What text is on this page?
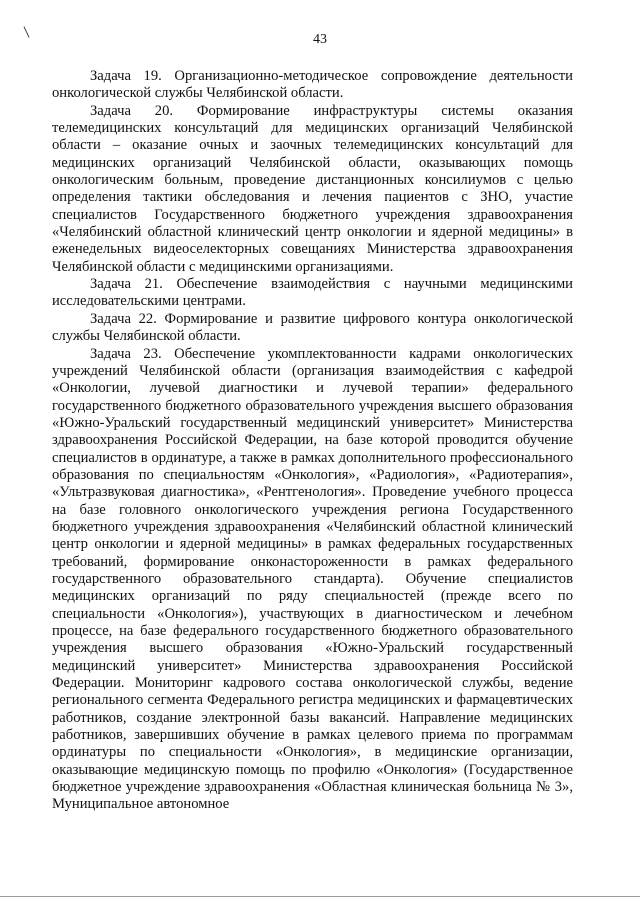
43

Задача 19. Организационно-методическое сопровождение деятельности онкологической службы Челябинской области.

Задача 20. Формирование инфраструктуры системы оказания телемедицинских консультаций для медицинских организаций Челябинской области – оказание очных и заочных телемедицинских консультаций для медицинских организаций Челябинской области, оказывающих помощь онкологическим больным, проведение дистанционных консилиумов с целью определения тактики обследования и лечения пациентов с ЗНО, участие специалистов Государственного бюджетного учреждения здравоохранения «Челябинский областной клинический центр онкологии и ядерной медицины» в еженедельных видеоселекторных совещаниях Министерства здравоохранения Челябинской области с медицинскими организациями.

Задача 21. Обеспечение взаимодействия с научными медицинскими исследовательскими центрами.

Задача 22. Формирование и развитие цифрового контура онкологической службы Челябинской области.

Задача 23. Обеспечение укомплектованности кадрами онкологических учреждений Челябинской области (организация взаимодействия с кафедрой «Онкологии, лучевой диагностики и лучевой терапии» федерального государственного бюджетного образовательного учреждения высшего образования «Южно-Уральский государственный медицинский университет» Министерства здравоохранения Российской Федерации, на базе которой проводится обучение специалистов в ординатуре, а также в рамках дополнительного профессионального образования по специальностям «Онкология», «Радиология», «Радиотерапия», «Ультразвуковая диагностика», «Рентгенология». Проведение учебного процесса на базе головного онкологического учреждения региона Государственного бюджетного учреждения здравоохранения «Челябинский областной клинический центр онкологии и ядерной медицины» в рамках федеральных государственных требований, формирование онконастороженности в рамках федерального государственного образовательного стандарта). Обучение специалистов медицинских организаций по ряду специальностей (прежде всего по специальности «Онкология»), участвующих в диагностическом и лечебном процессе, на базе федерального государственного бюджетного образовательного учреждения высшего образования «Южно-Уральский государственный медицинский университет» Министерства здравоохранения Российской Федерации. Мониторинг кадрового состава онкологической службы, ведение регионального сегмента Федерального регистра медицинских и фармацевтических работников, создание электронной базы вакансий. Направление медицинских работников, завершивших обучение в рамках целевого приема по программам ординатуры по специальности «Онкология», в медицинские организации, оказывающие медицинскую помощь по профилю «Онкология» (Государственное бюджетное учреждение здравоохранения «Областная клиническая больница № 3», Муниципальное автономное
